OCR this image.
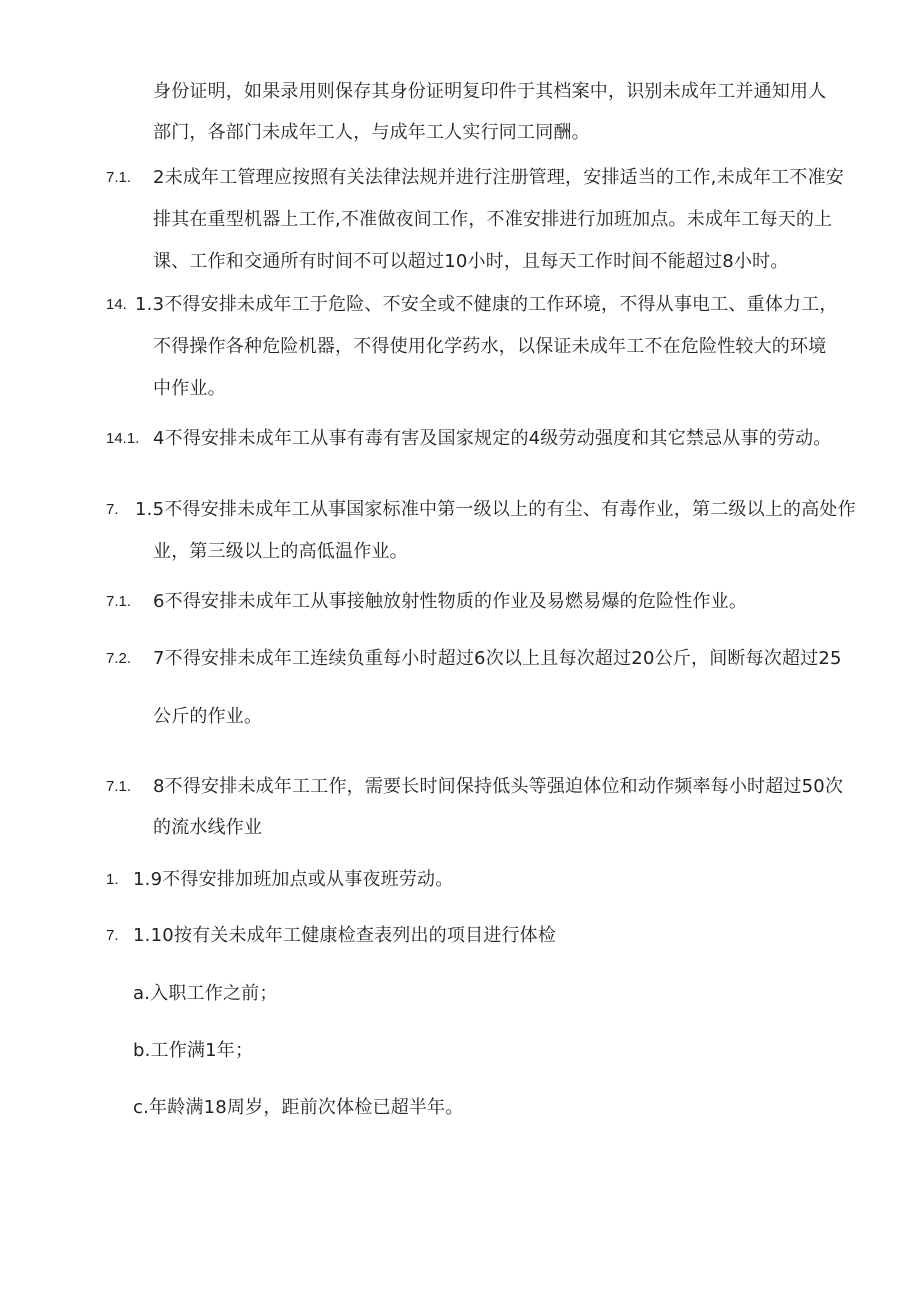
身份证明，如果录用则保存其身份证明复印件于其档案中，识别未成年工并通知用人
部门，各部门未成年工人，与成年工人实行同工同酬。
7.1. 2未成年工管理应按照有关法律法规并进行注册管理，安排适当的工作,未成年工不准安
排其在重型机器上工作,不准做夜间工作，不准安排进行加班加点。未成年工每天的上
课、工作和交通所有时间不可以超过10小时，且每天工作时间不能超过8小时。
14. 1.3不得安排未成年工于危险、不安全或不健康的工作环境，不得从事电工、重体力工，
不得操作各种危险机器，不得使用化学药水，以保证未成年工不在危险性较大的环境
中作业。
14.1. 4不得安排未成年工从事有毒有害及国家规定的4级劳动强度和其它禁忌从事的劳动。
7. 1.5不得安排未成年工从事国家标准中第一级以上的有尘、有毒作业，第二级以上的高处作
业，第三级以上的高低温作业。
7.1. 6不得安排未成年工从事接触放射性物质的作业及易燃易爆的危险性作业。
7.2. 7不得安排未成年工连续负重每小时超过6次以上且每次超过20公斤，间断每次超过25
公斤的作业。
7.1. 8不得安排未成年工工作，需要长时间保持低头等强迫体位和动作频率每小时超过50次
的流水线作业
1. 1.9不得安排加班加点或从事夜班劳动。
7. 1.10按有关未成年工健康检查表列出的项目进行体检
a.入职工作之前；
b.工作满1年；
c.年龄满18周岁，距前次体检已超半年。
